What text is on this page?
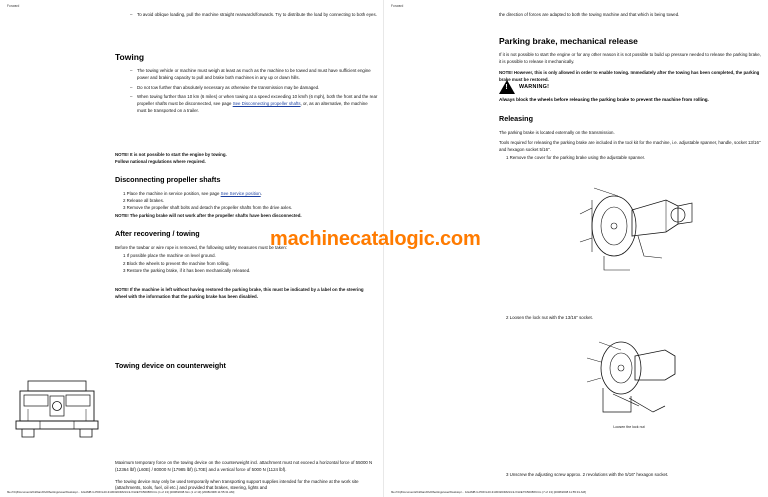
Forward
– To avoid oblique loading, pull the machine straight rearwards/forwards. Try to distribute the load by connecting to both eyes.
Towing
– The towing vehicle or machine must weigh at least as much as the machine to be towed and must have sufficient engine power and braking capacity to pull and brake both machines in any up or down hills.
– Do not tow further than absolutely necessary as otherwise the transmission may be damaged.
– When towing further than 10 km (6 miles) or when towing at a speed exceeding 10 km/h (6 mph), both the front and the rear propeller shafts must be disconnected, see page See Disconnecting propeller shafts, or, as an alternative, the machine must be transported on a trailer.

NOTE! It is not possible to start the engine by towing.

Follow national regulations where required.

Disconnecting propeller shafts
1 Place the machine in service position, see page See Service position.
2 Release all brakes.
3 Remove the propeller shaft bolts and detach the propeller shafts from the drive axles.

NOTE! The parking brake will not work after the propeller shafts have been disconnected.

After recovering / towing

Before the towbar or wire rope is removed, the following safety measures must be taken:

1 If possible place the machine on level ground.
2 Block the wheels to prevent the machine from rolling.
3 Restore the parking brake, if it has been mechanically released.

NOTE! If the machine is left without having restored the parking brake, this must be indicated by a label on the steering wheel with the information that the parking brake has been disabled.

Towing device on counterweight

Maximum temporary force on the towing device on the counterweight incl. attachment must not exceed a horizontal force of 55000 N (12364 lbf) (L60E) / 80000 N (17985 lbf) (L70E) and a vertical force of 5000 N (1124 lbf).

The towing device may only be used temporarily when transporting support supplies intended for the machine at the work site (attachments, tools, fuel, oil etc.) and provided that brakes, steering, lights and

file:///C|/Documents%20and%20Settings/user/Desktop/... lxGAMB G.PDF/L20-3130320/4821/L9-X/H/E7%5008/8.htm (1 of 13) [2008/2008.htm (1 of 13) [2008/2008 11:55:31 AM]
Forward

the direction of forces are adapted to both the towing machine and that which is being towed.

Parking brake, mechanical release

If it is not possible to start the engine or for any other reason it is not possible to build up pressure needed to release the parking brake, it is possible to release it mechanically.

NOTE! However, this is only allowed in order to enable towing. Immediately after the towing has been completed, the parking brake must be restored.

!
WARNING!
Always block the wheels before releasing the parking brake to prevent the machine from rolling.
Releasing

The parking brake is located externally on the transmission.

Tools required for releasing the parking brake are included in the tool kit for the machine, i.e. adjustable spanner, handle, socket 13/16" and hexagon socket 5/16".

1 Remove the cover for the parking brake using the adjustable spanner.

2 Loosen the lock nut with the 13/16" socket.

Loosen the lock nut

3 Unscrew the adjusting screw approx. 2 revolutions with the 5/16" hexagon socket.

file:///C|/Documents%20and%20Settings/user/Desktop/... lxGAMB G.PDF/L20-3130320/4821/L9-X/H/E7%5008/8.htm (7 of 13) [2008/2008 11:55:31 AM]
machinecatalogic.com
